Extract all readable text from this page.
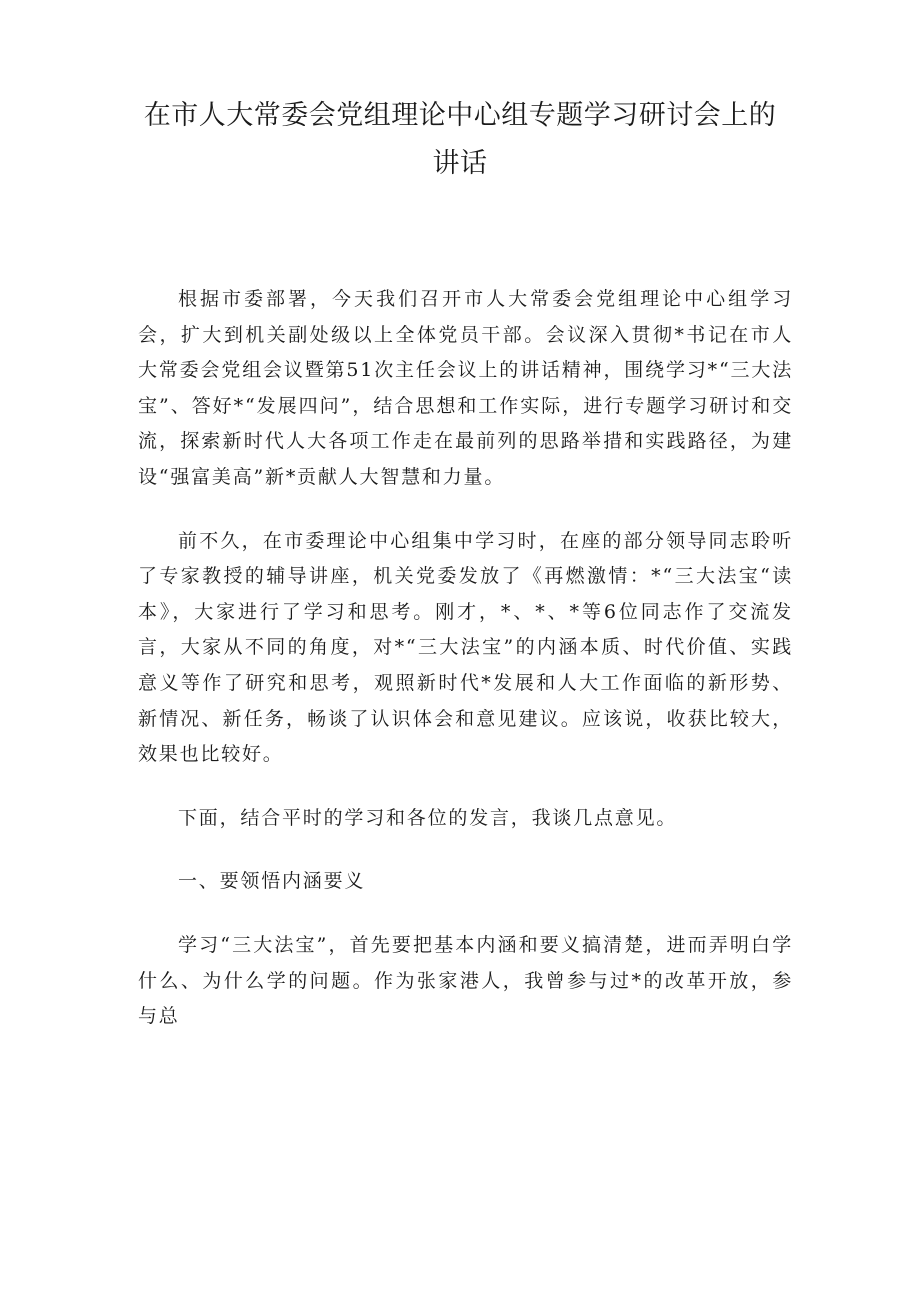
在市人大常委会党组理论中心组专题学习研讨会上的
讲话

根据市委部署，今天我们召开市人大常委会党组理论中心组学习会，扩大到机关副处级以上全体党员干部。会议深入贯彻*书记在市人大常委会党组会议暨第51次主任会议上的讲话精神，围绕学习*“三大法宝”、答好*“发展四问”，结合思想和工作实际，进行专题学习研讨和交流，探索新时代人大各项工作走在最前列的思路举措和实践路径，为建设“强富美高”新*贡献人大智慧和力量。

前不久，在市委理论中心组集中学习时，在座的部分领导同志聆听了专家教授的辅导讲座，机关党委发放了《再燃激情：*“三大法宝“读本》，大家进行了学习和思考。刚才，*、*、*等6位同志作了交流发言，大家从不同的角度，对*“三大法宝”的内涵本质、时代价值、实践意义等作了研究和思考，观照新时代*发展和人大工作面临的新形势、新情况、新任务，畅谈了认识体会和意见建议。应该说，收获比较大，效果也比较好。

下面，结合平时的学习和各位的发言，我谈几点意见。

一、要领悟内涵要义

学习“三大法宝”，首先要把基本内涵和要义搞清楚，进而弄明白学什么、为什么学的问题。作为张家港人，我曾参与过*的改革开放，参与总
